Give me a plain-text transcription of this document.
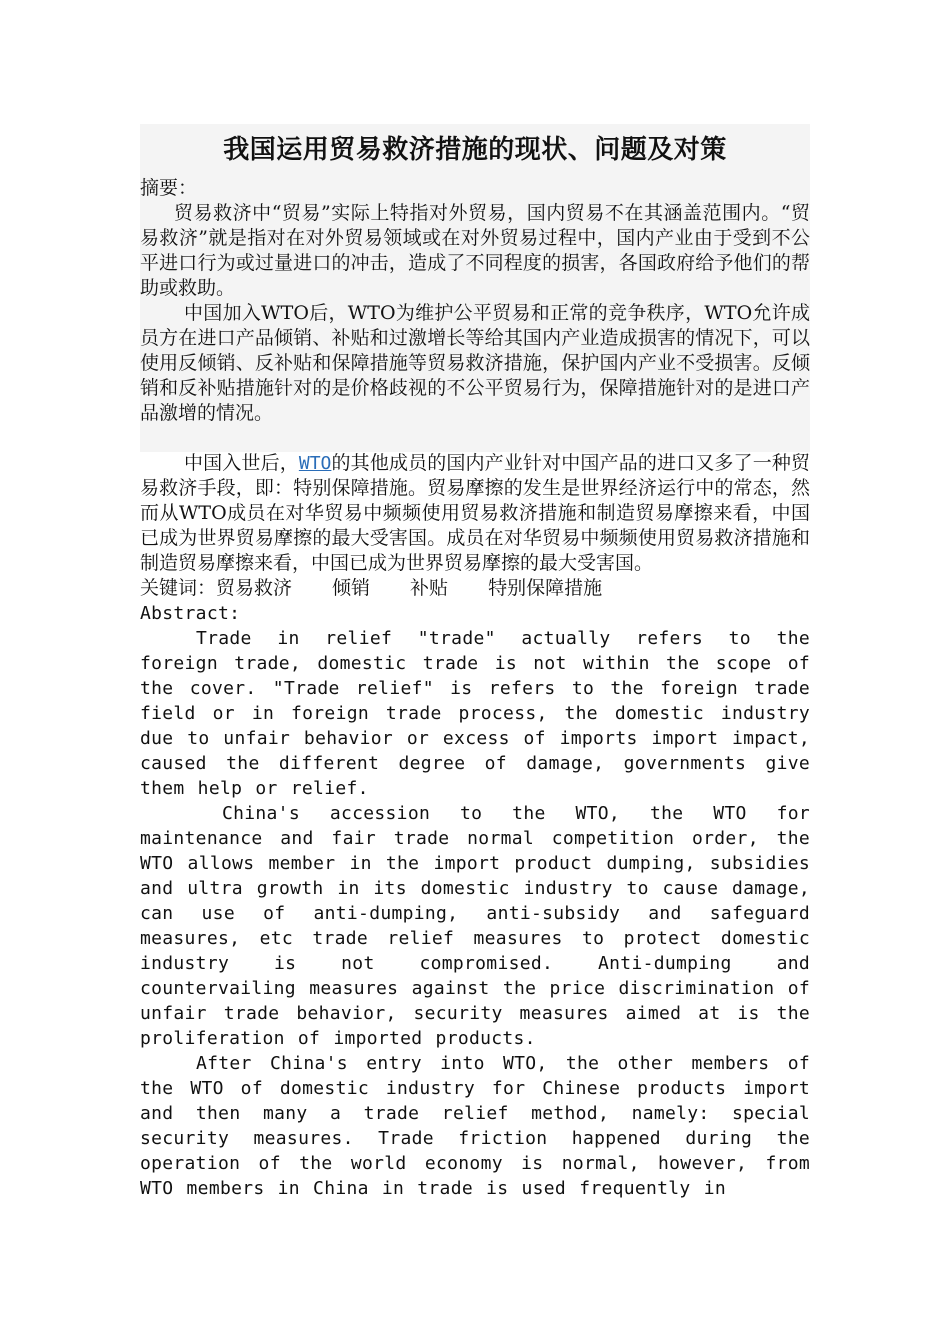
我国运用贸易救济措施的现状、问题及对策

摘要：

贸易救济中“贸易”实际上特指对外贸易，国内贸易不在其涵盖范围内。“贸易救济”就是指对在对外贸易领域或在对外贸易过程中，国内产业由于受到不公平进口行为或过量进口的冲击，造成了不同程度的损害，各国政府给予他们的帮助或救助。

中国加入WTO后，WTO为维护公平贸易和正常的竞争秩序，WTO允许成员方在进口产品倾销、补贴和过激增长等给其国内产业造成损害的情况下，可以使用反倾销、反补贴和保障措施等贸易救济措施，保护国内产业不受损害。反倾销和反补贴措施针对的是价格歧视的不公平贸易行为，保障措施针对的是进口产品激增的情况。

中国入世后，WTO的其他成员的国内产业针对中国产品的进口又多了一种贸易救济手段，即：特别保障措施。贸易摩擦的发生是世界经济运行中的常态，然而从WTO成员在对华贸易中频频使用贸易救济措施和制造贸易摩擦来看，中国已成为世界贸易摩擦的最大受害国。成员在对华贸易中频频使用贸易救济措施和制造贸易摩擦来看，中国已成为世界贸易摩擦的最大受害国。

关键词：贸易救济 倾销 补贴 特别保障措施

Abstract:

Trade in relief "trade" actually refers to the foreign trade, domestic trade is not within the scope of the cover. "Trade relief" is refers to the foreign trade field or in foreign trade process, the domestic industry due to unfair behavior or excess of imports import impact, caused the different degree of damage, governments give them help or relief.

China's accession to the WTO, the WTO for maintenance and fair trade normal competition order, the WTO allows member in the import product dumping, subsidies and ultra growth in its domestic industry to cause damage, can use of anti-dumping, anti-subsidy and safeguard measures, etc trade relief measures to protect domestic industry is not compromised. Anti-dumping and countervailing measures against the price discrimination of unfair trade behavior, security measures aimed at is the proliferation of imported products.

After China's entry into WTO, the other members of the WTO of domestic industry for Chinese products import and then many a trade relief method, namely: special security measures. Trade friction happened during the operation of the world economy is normal, however, from WTO members in China in trade is used frequently in
